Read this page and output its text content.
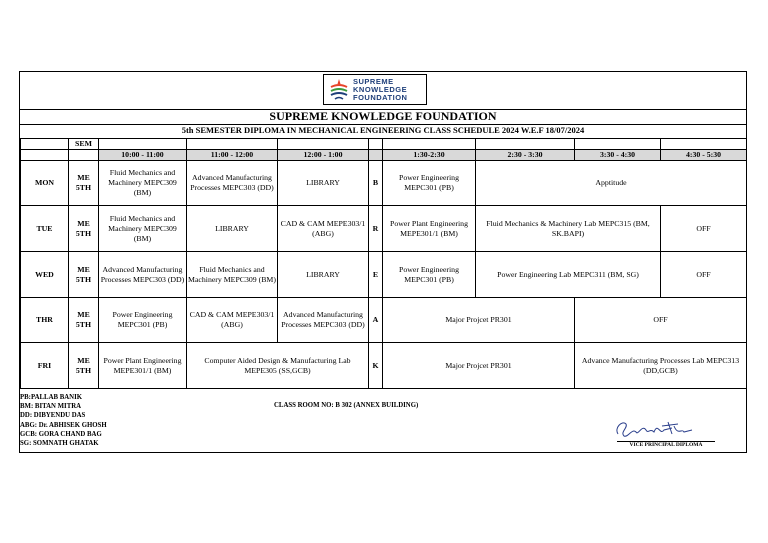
SUPREME
KNOWLEDGE
FOUNDATION
SUPREME KNOWLEDGE FOUNDATION
5th SEMESTER DIPLOMA IN MECHANICAL ENGINEERING CLASS SCHEDULE 2024 W.E.F 18/07/2024
	SEM								
		10:00 - 11:00	11:00 - 12:00	12:00 - 1:00		1:30-2:30	2:30 - 3:30	3:30 - 4:30	4:30 - 5:30
MON	ME 5TH	Fluid Mechanics and Machinery MEPC309 (BM)	Advanced Manufacturing Processes MEPC303 (DD)	LIBRARY	B	Power Engineering MEPC301 (PB)	Apptitude		
TUE	ME 5TH	Fluid Mechanics and Machinery MEPC309 (BM)	LIBRARY	CAD & CAM MEPE303/1 (ABG)	R	Power Plant Engineering MEPE301/1 (BM)	Fluid Mechanics & Machinery Lab MEPC315 (BM, SK.BAPI)		OFF
WED	ME 5TH	Advanced Manufacturing Processes MEPC303 (DD)	Fluid Mechanics and Machinery MEPC309 (BM)	LIBRARY	E	Power Engineering MEPC301 (PB)	Power Engineering Lab MEPC311 (BM, SG)		OFF
THR	ME 5TH	Power Engineering MEPC301 (PB)	CAD & CAM MEPE303/1 (ABG)	Advanced Manufacturing Processes MEPC303 (DD)	A	Major Projcet PR301		OFF	
FRI	ME 5TH	Power Plant Engineering MEPE301/1 (BM)	Computer Aided Design & Manufacturing Lab MEPE305 (SS,GCB)		K	Major Projcet PR301		Advance Manufacturing Processes Lab MEPC313 (DD,GCB)	
PB:PALLAB BANIK
BM: BITAN MITRA
DD: DIBYENDU DAS
ABG: Dr. ABHISEK GHOSH
GCB: GORA CHAND BAG
SG: SOMNATH GHATAK
CLASS ROOM NO: B 302 (ANNEX BUILDING)
VICE PRINCIPAL DIPLOMA
